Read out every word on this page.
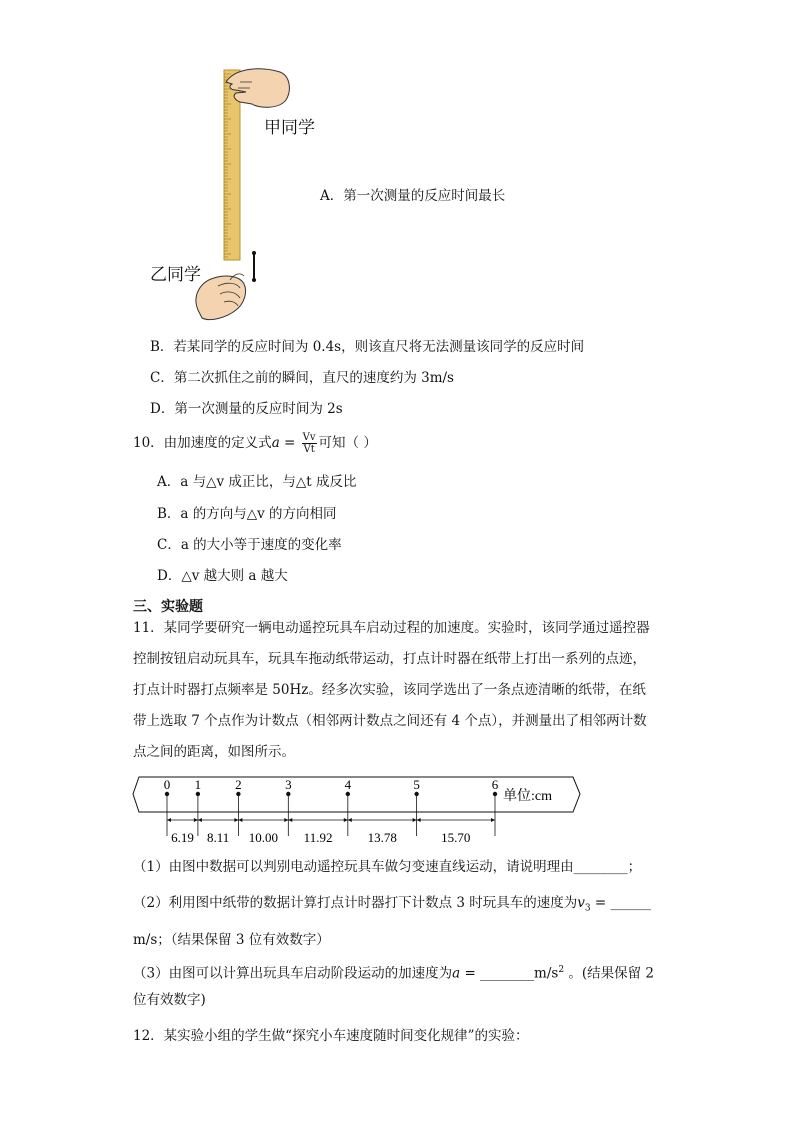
甲同学
乙同学
A．第一次测量的反应时间最长
B．若某同学的反应时间为 0.4s，则该直尺将无法测量该同学的反应时间
C．第二次抓住之前的瞬间，直尺的速度约为 3m/s
D．第一次测量的反应时间为 2s
10．由加速度的定义式$a = \frac{Vv}{Vt}$ 可知（ ）
A．a 与△v 成正比，与△t 成反比
B．a 的方向与△v 的方向相同
C．a 的大小等于速度的变化率
D．△v 越大则 a 越大
三、实验题
11．某同学要研究一辆电动遥控玩具车启动过程的加速度。实验时，该同学通过遥控器
控制按钮启动玩具车，玩具车拖动纸带运动，打点计时器在纸带上打出一系列的点迹，
打点计时器打点频率是 50Hz。经多次实验，该同学选出了一条点迹清晰的纸带，在纸
带上选取 7 个点作为计数点（相邻两计数点之间还有 4 个点），并测量出了相邻两计数
点之间的距离，如图所示。
0 1	2	3	4	5	6
6.19 8.11 10.00 11.92	13.78	15.70
单位:cm
（1）由图中数据可以判别电动遥控玩具车做匀变速直线运动，请说明理由________；
（2）利用图中纸带的数据计算打点计时器打下计数点 3 时玩具车的速度为$v_3$ = ______
m/s；（结果保留 3 位有效数字）
（3）由图可以计算出玩具车启动阶段运动的加速度为$a = \_\_\_\_\_\_\_\_m/s^2$ 。(结果保留 2
位有效数字)
12．某实验小组的学生做“探究小车速度随时间变化规律”的实验：
